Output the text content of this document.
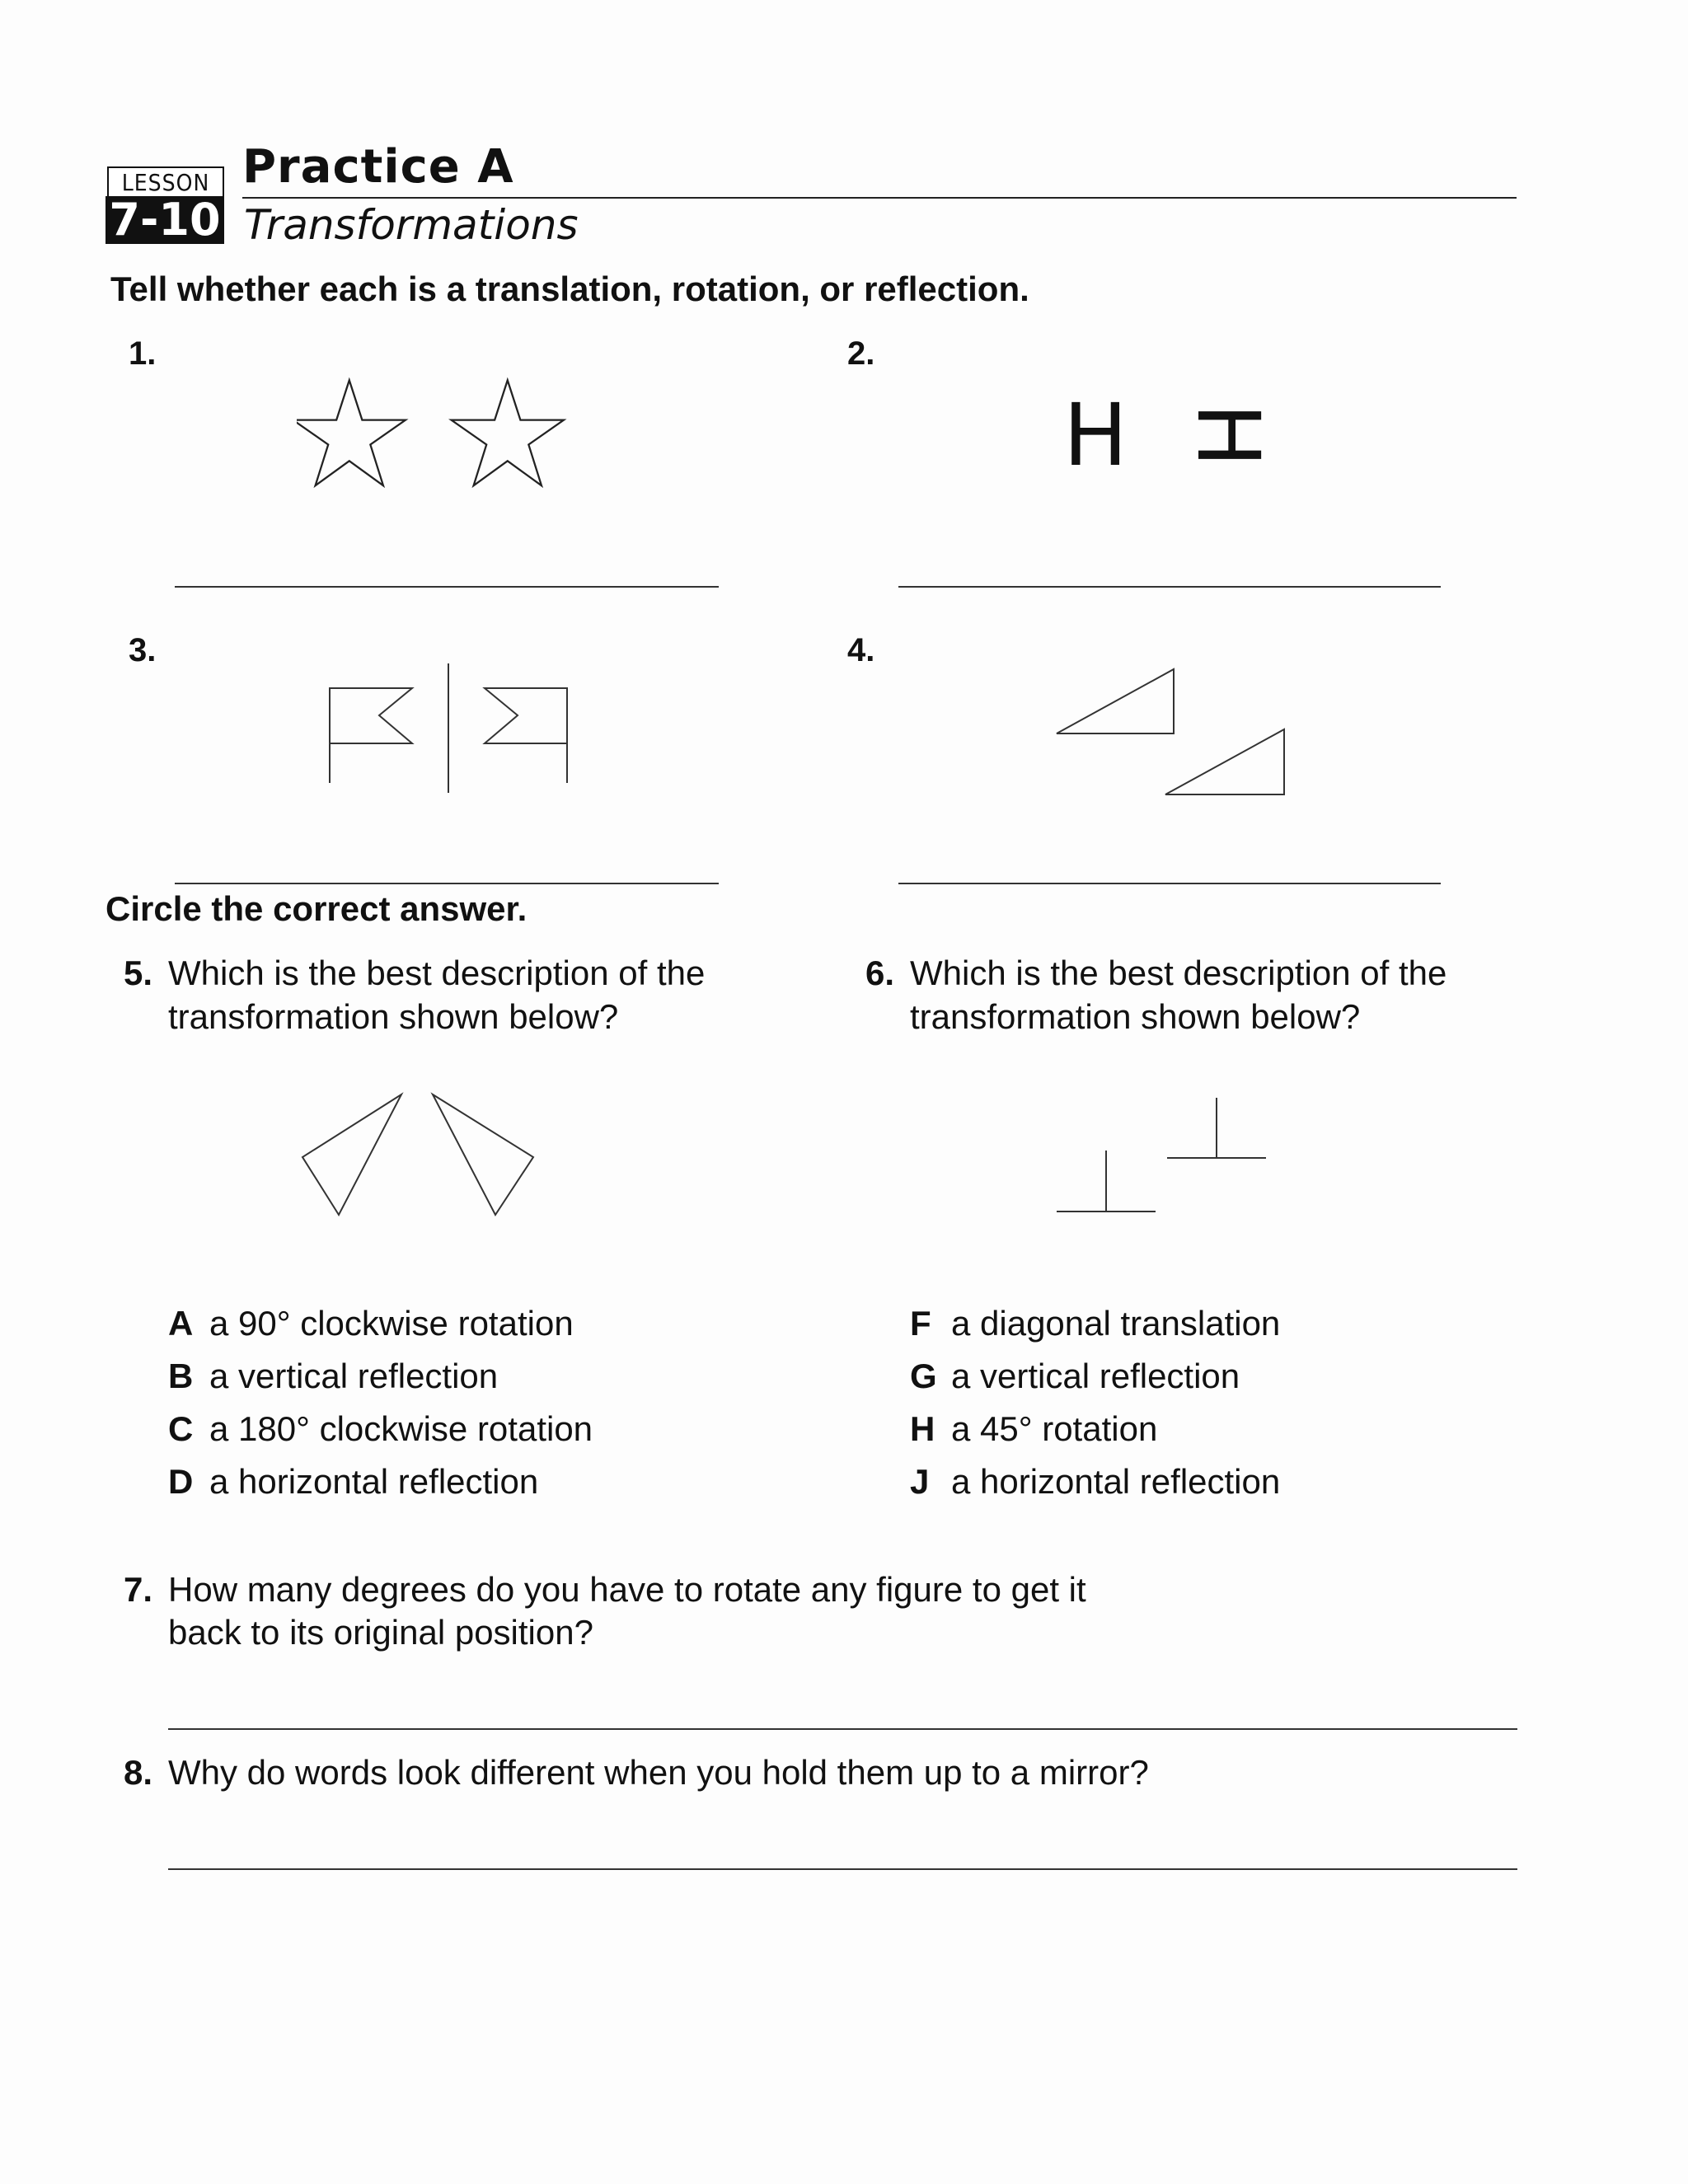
LESSON
7-10
Practice A
Transformations
Tell whether each is a translation, rotation, or reflection.
1.	2.
H H
3.	4.
Circle the correct answer.
5. Which is the best description of the
transformation shown below?
A a 90° clockwise rotation
B a vertical reflection
C a 180° clockwise rotation
D a horizontal reflection
6. Which is the best description of the
transformation shown below?
F a diagonal translation
G a vertical reflection
H a 45° rotation
J a horizontal reflection
7. How many degrees do you have to rotate any figure to get it
back to its original position?
8. Why do words look different when you hold them up to a mirror?
